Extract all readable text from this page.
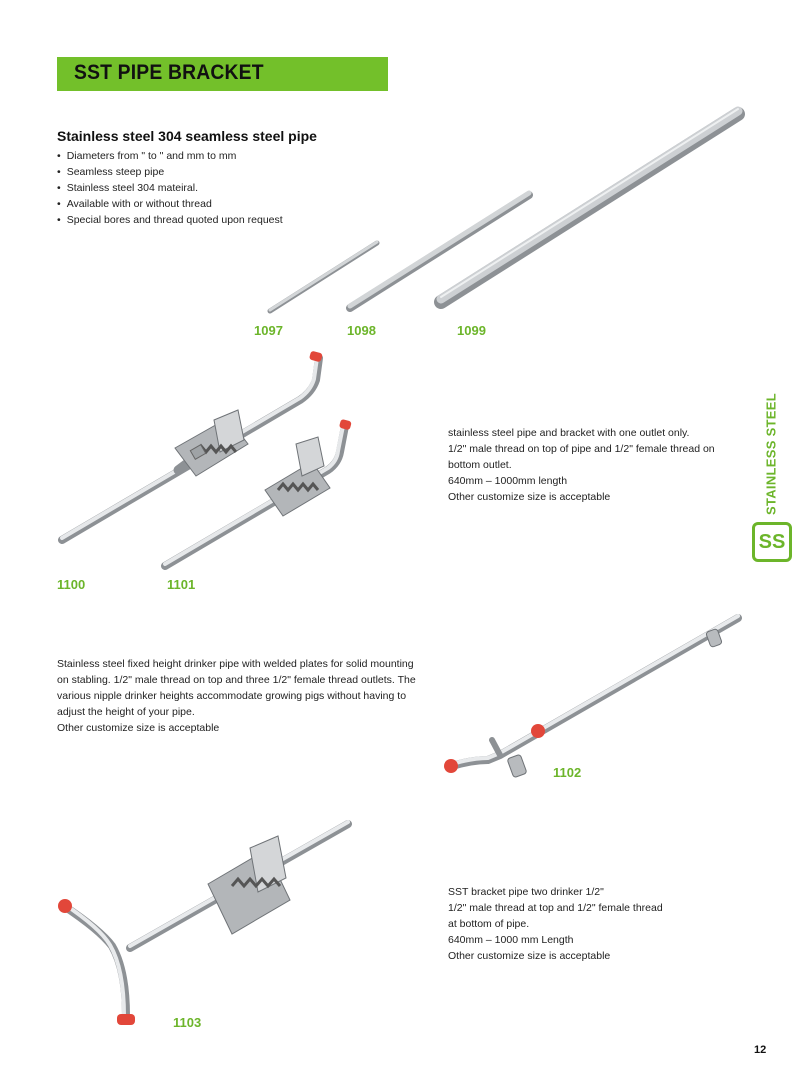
SST PIPE BRACKET
Stainless steel 304 seamless steel pipe
• Diameters from " to " and mm to mm
• Seamless steep pipe
• Stainless steel 304 mateiral.
• Available with or without thread
• Special bores and thread quoted upon request
1097	1098	1099
stainless steel pipe and bracket with one outlet only.
1/2" male thread on top of pipe and 1/2" female thread on
bottom outlet.
640mm – 1000mm length
Other customize size is acceptable
1100	1101
Stainless steel fixed height drinker pipe with welded plates for solid mounting
on stabling. 1/2" male thread on top and three 1/2" female thread outlets. The
various nipple drinker heights accommodate growing pigs without having to
adjust the height of your pipe.
Other customize size is acceptable
1102
SST bracket pipe two drinker 1/2"
1/2" male thread at top and 1/2" female thread
at bottom of pipe.
640mm – 1000 mm Length
Other customize size is acceptable
1103
STAINLESS STEEL
SS
12
